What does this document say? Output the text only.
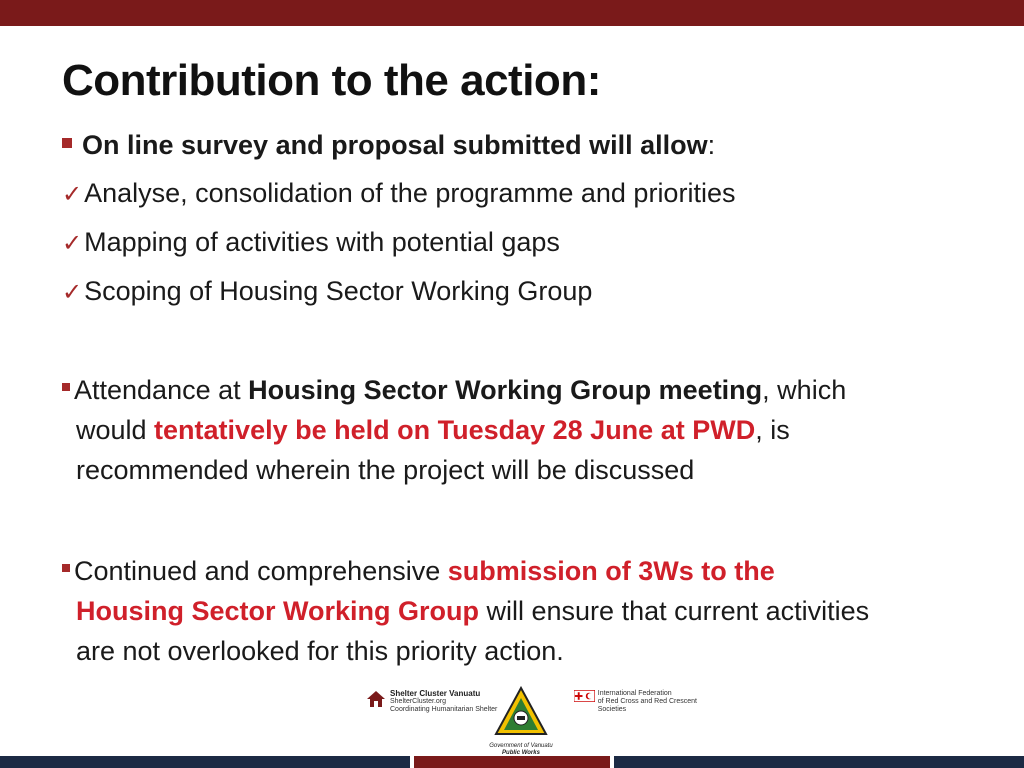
Contribution to the action:
On line survey and proposal submitted will allow:
✓Analyse, consolidation of the programme and priorities
✓Mapping of activities with potential gaps
✓Scoping of Housing Sector Working Group
Attendance at Housing Sector Working Group meeting, which
would tentatively be held on Tuesday 28 June at PWD, is
recommended wherein the project will be discussed
Continued and comprehensive submission of 3Ws to the
Housing Sector Working Group will ensure that current activities
are not overlooked for this priority action.
Shelter Cluster Vanuatu
ShelterCluster.org
Coordinating Humanitarian Shelter
Government of Vanuatu
Public Works
International Federation
of Red Cross and Red Crescent Societies
